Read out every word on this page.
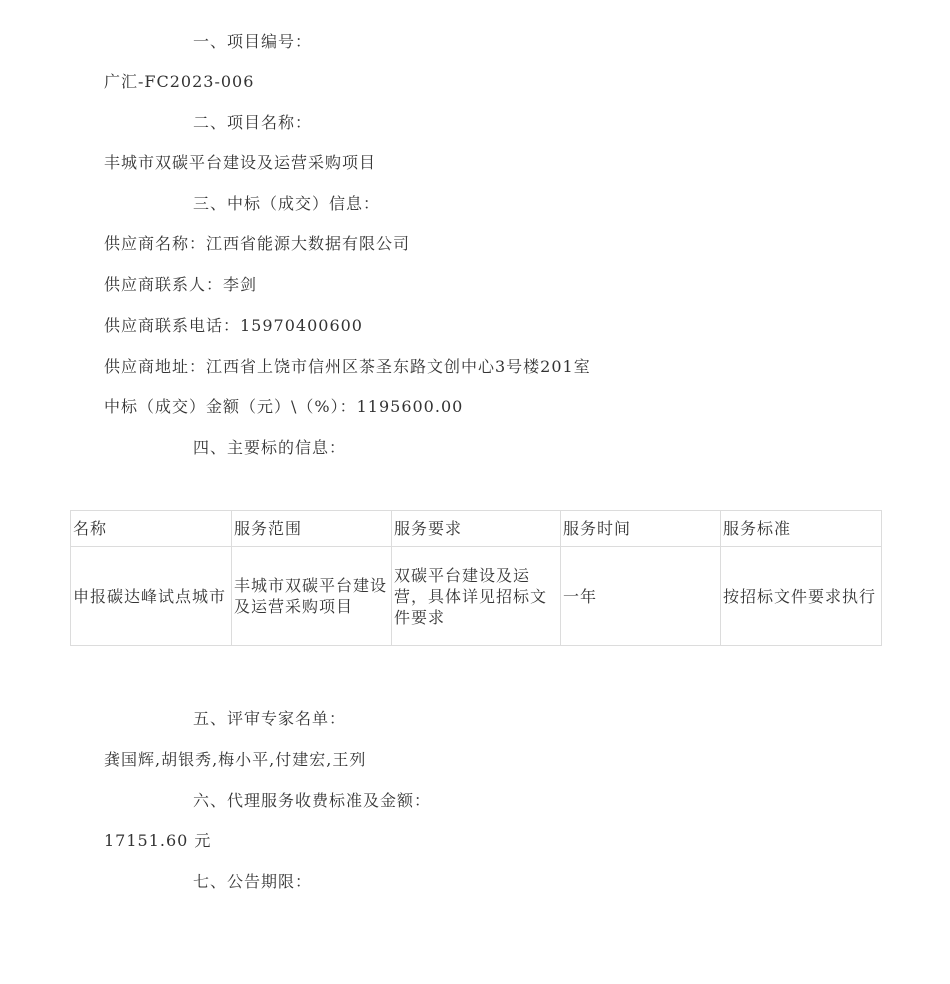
一、项目编号：
广汇-FC2023-006
二、项目名称：
丰城市双碳平台建设及运营采购项目
三、中标（成交）信息：
供应商名称：江西省能源大数据有限公司
供应商联系人：李剑
供应商联系电话：15970400600
供应商地址：江西省上饶市信州区茶圣东路文创中心3号楼201室
中标（成交）金额（元）\（%）：1195600.00
四、主要标的信息：
名称	服务范围	服务要求	服务时间	服务标准
申报碳达峰试点城市	丰城市双碳平台建设及运营采购项目	双碳平台建设及运营，具体详见招标文件要求	一年	按招标文件要求执行
五、评审专家名单：
龚国辉,胡银秀,梅小平,付建宏,王列
六、代理服务收费标准及金额：
17151.60 元
七、公告期限：
